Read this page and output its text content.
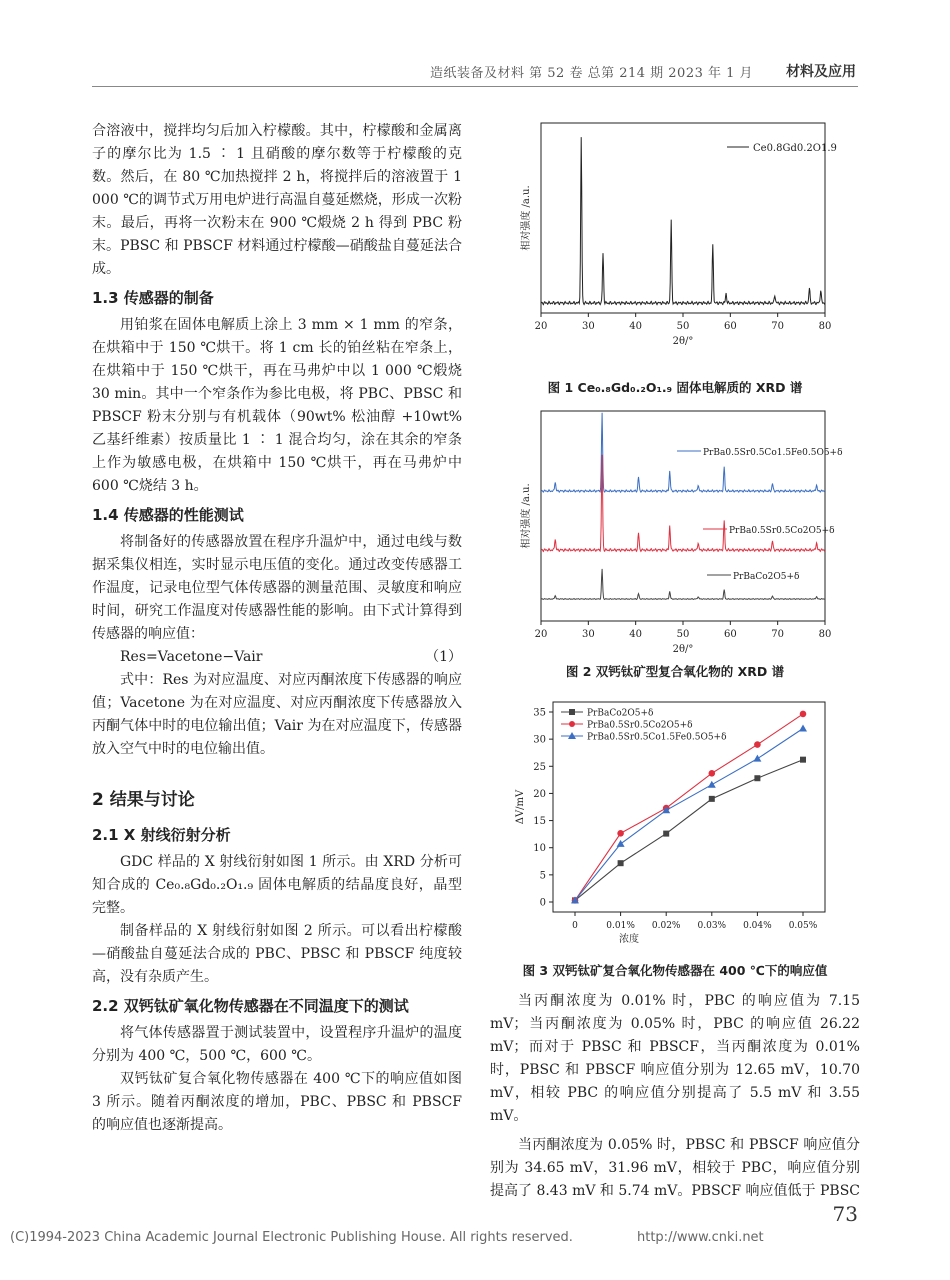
造纸装备及材料 第 52 卷 总第 214 期 2023 年 1 月 材料及应用

合溶液中，搅拌均匀后加入柠檬酸。其中，柠檬酸和金属离子的摩尔比为 1.5 ∶ 1 且硝酸的摩尔数等于柠檬酸的克数。然后，在 80 ℃加热搅拌 2 h，将搅拌后的溶液置于 1 000 ℃的调节式万用电炉进行高温自蔓延燃烧，形成一次粉末。最后，再将一次粉末在 900 ℃煅烧 2 h 得到 PBC 粉末。PBSC 和 PBSCF 材料通过柠檬酸—硝酸盐自蔓延法合成。

1.3 传感器的制备

用铂浆在固体电解质上涂上 3 mm × 1 mm 的窄条，在烘箱中于 150 ℃烘干。将 1 cm 长的铂丝粘在窄条上，在烘箱中于 150 ℃烘干，再在马弗炉中以 1 000 ℃煅烧 30 min。其中一个窄条作为参比电极，将 PBC、PBSC 和 PBSCF 粉末分别与有机载体（90wt% 松油醇 +10wt% 乙基纤维素）按质量比 1 ∶ 1 混合均匀，涂在其余的窄条上作为敏感电极，在烘箱中 150 ℃烘干，再在马弗炉中 600 ℃烧结 3 h。

1.4 传感器的性能测试

将制备好的传感器放置在程序升温炉中，通过电线与数据采集仪相连，实时显示电压值的变化。通过改变传感器工作温度，记录电位型气体传感器的测量范围、灵敏度和响应时间，研究工作温度对传感器性能的影响。由下式计算得到传感器的响应值：

Res=Vacetone−Vair	（1）

式中：Res 为对应温度、对应丙酮浓度下传感器的响应值；Vacetone 为在对应温度、对应丙酮浓度下传感器放入丙酮气体中时的电位输出值；Vair 为在对应温度下，传感器放入空气中时的电位输出值。

2 结果与讨论
2.1 X 射线衍射分析

GDC 样品的 X 射线衍射如图 1 所示。由 XRD 分析可知合成的 Ce₀.₈Gd₀.₂O₁.₉ 固体电解质的结晶度良好，晶型完整。

制备样品的 X 射线衍射如图 2 所示。可以看出柠檬酸—硝酸盐自蔓延法合成的 PBC、PBSC 和 PBSCF 纯度较高，没有杂质产生。

2.2 双钙钛矿氧化物传感器在不同温度下的测试

将气体传感器置于测试装置中，设置程序升温炉的温度分别为 400 ℃，500 ℃，600 ℃。

双钙钛矿复合氧化物传感器在 400 ℃下的响应值如图 3 所示。随着丙酮浓度的增加，PBC、PBSC 和 PBSCF 的响应值也逐渐提高。

20	30	40	50	60	70	80
2θ/°
相对强度 /a.u.
Ce0.8Gd0.2O1.9
图 1 Ce₀.₈Gd₀.₂O₁.₉ 固体电解质的 XRD 谱
20	30	40	50	60	70	80
2θ/°
相对强度 /a.u.
PrBa0.5Sr0.5Co1.5Fe0.5O5+δ
PrBa0.5Sr0.5Co2O5+δ
PrBaCo2O5+δ
图 2 双钙钛矿型复合氧化物的 XRD 谱
0
5
10
15
20
25
30
35
0	0.01% 0.02% 0.03% 0.04% 0.05%
浓度
ΔV/mV
PrBaCo2O5+δ
PrBa0.5Sr0.5Co2O5+δ
PrBa0.5Sr0.5Co1.5Fe0.5O5+δ
图 3 双钙钛矿复合氧化物传感器在 400 ℃下的响应值

当丙酮浓度为 0.01% 时，PBC 的响应值为 7.15 mV；当丙酮浓度为 0.05% 时，PBC 的响应值 26.22 mV；而对于 PBSC 和 PBSCF，当丙酮浓度为 0.01% 时，PBSC 和 PBSCF 响应值分别为 12.65 mV，10.70 mV，相较 PBC 的响应值分别提高了 5.5 mV 和 3.55 mV。

当丙酮浓度为 0.05% 时，PBSC 和 PBSCF 响应值分别为 34.65 mV，31.96 mV，相较于 PBC，响应值分别提高了 8.43 mV 和 5.74 mV。PBSCF 响应值低于 PBSC

73
(C)1994-2023 China Academic Journal Electronic Publishing House. All rights reserved.	http://www.cnki.net
